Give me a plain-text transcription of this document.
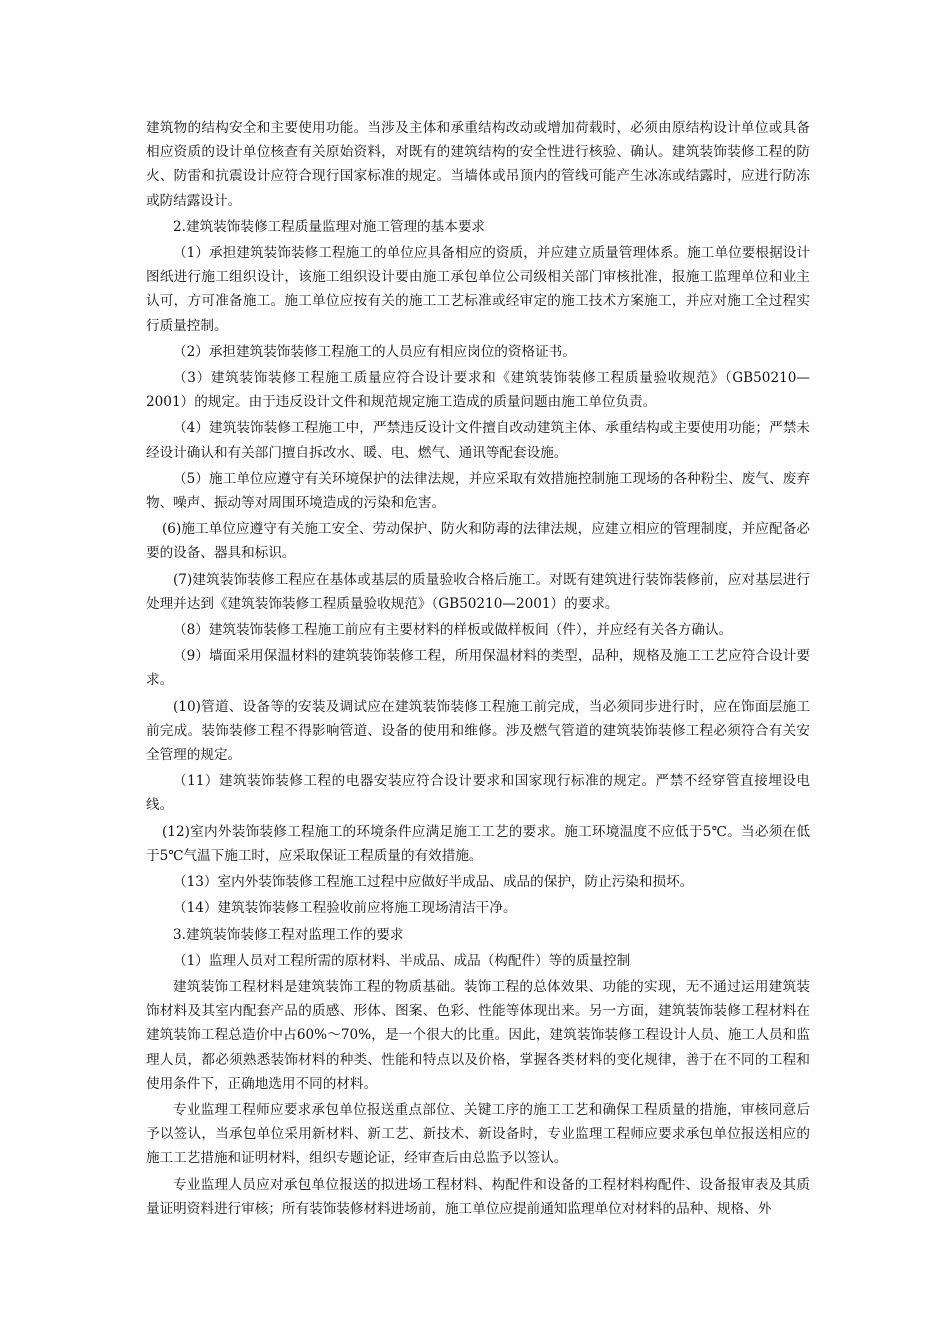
建筑物的结构安全和主要使用功能。当涉及主体和承重结构改动或增加荷载时，必须由原结构设计单位或具备相应资质的设计单位核查有关原始资料，对既有的建筑结构的安全性进行核验、确认。建筑装饰装修工程的防火、防雷和抗震设计应符合现行国家标准的规定。当墙体或吊顶内的管线可能产生冰冻或结露时，应进行防冻或防结露设计。

2.建筑装饰装修工程质量监理对施工管理的基本要求

（1）承担建筑装饰装修工程施工的单位应具备相应的资质，并应建立质量管理体系。施工单位要根据设计图纸进行施工组织设计，该施工组织设计要由施工承包单位公司级相关部门审核批准，报施工监理单位和业主认可，方可准备施工。施工单位应按有关的施工工艺标准或经审定的施工技术方案施工，并应对施工全过程实行质量控制。

（2）承担建筑装饰装修工程施工的人员应有相应岗位的资格证书。

（3）建筑装饰装修工程施工质量应符合设计要求和《建筑装饰装修工程质量验收规范》（GB50210—2001）的规定。由于违反设计文件和规范规定施工造成的质量问题由施工单位负责。

（4）建筑装饰装修工程施工中，严禁违反设计文件擅自改动建筑主体、承重结构或主要使用功能；严禁未经设计确认和有关部门擅自拆改水、暖、电、燃气、通讯等配套设施。

（5）施工单位应遵守有关环境保护的法律法规，并应采取有效措施控制施工现场的各种粉尘、废气、废弃物、噪声、振动等对周围环境造成的污染和危害。

(6)施工单位应遵守有关施工安全、劳动保护、防火和防毒的法律法规，应建立相应的管理制度，并应配备必要的设备、器具和标识。

(7)建筑装饰装修工程应在基体或基层的质量验收合格后施工。对既有建筑进行装饰装修前，应对基层进行处理并达到《建筑装饰装修工程质量验收规范》（GB50210—2001）的要求。

（8）建筑装饰装修工程施工前应有主要材料的样板或做样板间（件），并应经有关各方确认。

（9）墙面采用保温材料的建筑装饰装修工程，所用保温材料的类型，品种，规格及施工工艺应符合设计要求。

(10)管道、设备等的安装及调试应在建筑装饰装修工程施工前完成，当必须同步进行时，应在饰面层施工前完成。装饰装修工程不得影响管道、设备的使用和维修。涉及燃气管道的建筑装饰装修工程必须符合有关安全管理的规定。

（11）建筑装饰装修工程的电器安装应符合设计要求和国家现行标准的规定。严禁不经穿管直接埋设电线。

(12)室内外装饰装修工程施工的环境条件应满足施工工艺的要求。施工环境温度不应低于5℃。当必须在低于5℃气温下施工时，应采取保证工程质量的有效措施。

（13）室内外装饰装修工程施工过程中应做好半成品、成品的保护，防止污染和损坏。

（14）建筑装饰装修工程验收前应将施工现场清洁干净。

3.建筑装饰装修工程对监理工作的要求

（1）监理人员对工程所需的原材料、半成品、成品（构配件）等的质量控制

建筑装饰工程材料是建筑装饰工程的物质基础。装饰工程的总体效果、功能的实现，无不通过运用建筑装饰材料及其室内配套产品的质感、形体、图案、色彩、性能等体现出来。另一方面，建筑装饰装修工程材料在建筑装饰工程总造价中占60%～70%，是一个很大的比重。因此，建筑装饰装修工程设计人员、施工人员和监理人员，都必须熟悉装饰材料的种类、性能和特点以及价格，掌握各类材料的变化规律，善于在不同的工程和使用条件下，正确地选用不同的材料。

专业监理工程师应要求承包单位报送重点部位、关键工序的施工工艺和确保工程质量的措施，审核同意后予以签认，当承包单位采用新材料、新工艺、新技术、新设备时，专业监理工程师应要求承包单位报送相应的施工工艺措施和证明材料，组织专题论证，经审查后由总监予以签认。

专业监理人员应对承包单位报送的拟进场工程材料、构配件和设备的工程材料构配件、设备报审表及其质量证明资料进行审核；所有装饰装修材料进场前，施工单位应提前通知监理单位对材料的品种、规格、外
